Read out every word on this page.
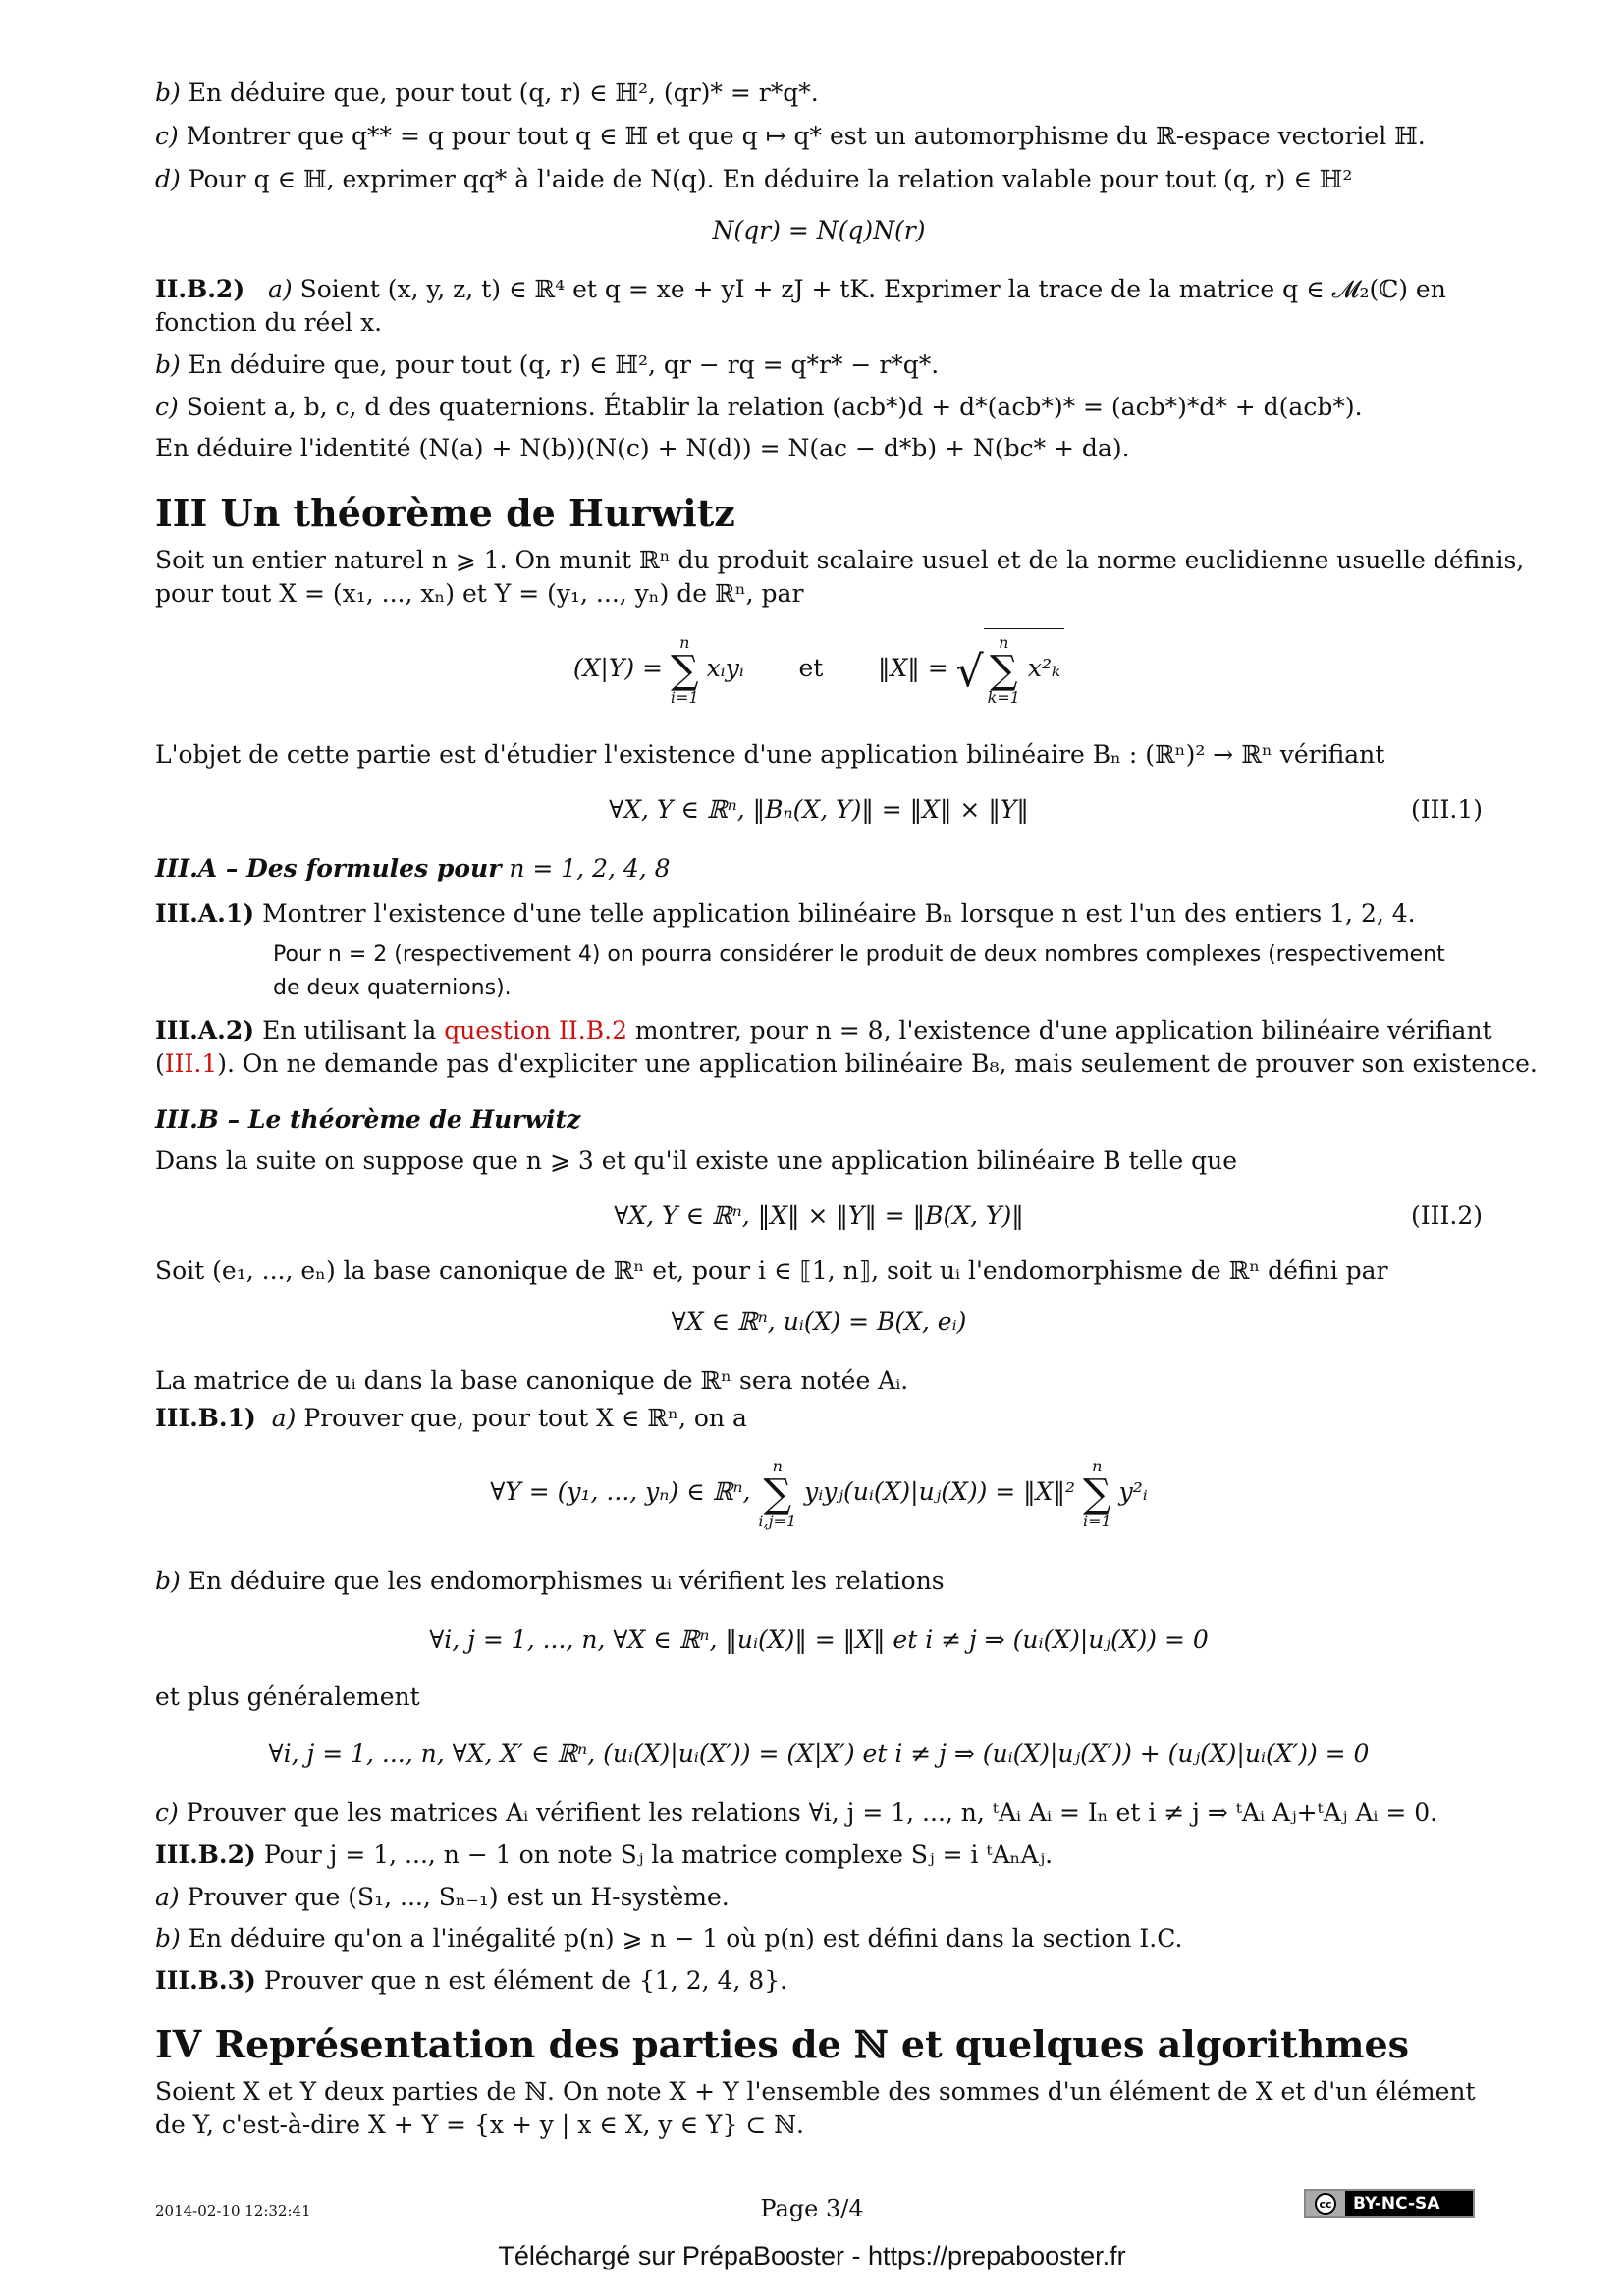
b) En déduire que, pour tout (q, r) ∈ ℍ², (qr)* = r*q*.
c) Montrer que q** = q pour tout q ∈ ℍ et que q ↦ q* est un automorphisme du ℝ-espace vectoriel ℍ.
d) Pour q ∈ ℍ, exprimer qq* à l'aide de N(q). En déduire la relation valable pour tout (q, r) ∈ ℍ²
N(qr) = N(q)N(r)
II.B.2) a) Soient (x, y, z, t) ∈ ℝ⁴ et q = xe + yI + zJ + tK. Exprimer la trace de la matrice q ∈ 𝓜₂(ℂ) en
fonction du réel x.
b) En déduire que, pour tout (q, r) ∈ ℍ², qr − rq = q*r* − r*q*.
c) Soient a, b, c, d des quaternions. Établir la relation (acb*)d + d*(acb*)* = (acb*)*d* + d(acb*).
En déduire l'identité (N(a) + N(b))(N(c) + N(d)) = N(ac − d*b) + N(bc* + da).
III Un théorème de Hurwitz
Soit un entier naturel n ⩾ 1. On munit ℝⁿ du produit scalaire usuel et de la norme euclidienne usuelle définis,
pour tout X = (x₁, ..., xₙ) et Y = (y₁, ..., yₙ) de ℝⁿ, par
(X|Y) =
n
∑
i=1
xᵢyᵢ et ‖X‖ = √
n
∑
k=1
x²ₖ
L'objet de cette partie est d'étudier l'existence d'une application bilinéaire Bₙ : (ℝⁿ)² → ℝⁿ vérifiant
∀X, Y ∈ ℝⁿ, ‖Bₙ(X, Y)‖ = ‖X‖ × ‖Y‖	(III.1)
III.A – Des formules pour n = 1, 2, 4, 8
III.A.1) Montrer l'existence d'une telle application bilinéaire Bₙ lorsque n est l'un des entiers 1, 2, 4.
Pour n = 2 (respectivement 4) on pourra considérer le produit de deux nombres complexes (respectivement
de deux quaternions).
III.A.2) En utilisant la question II.B.2 montrer, pour n = 8, l'existence d'une application bilinéaire vérifiant
(III.1). On ne demande pas d'expliciter une application bilinéaire B₈, mais seulement de prouver son existence.
III.B – Le théorème de Hurwitz
Dans la suite on suppose que n ⩾ 3 et qu'il existe une application bilinéaire B telle que
∀X, Y ∈ ℝⁿ, ‖X‖ × ‖Y‖ = ‖B(X, Y)‖	(III.2)
Soit (e₁, ..., eₙ) la base canonique de ℝⁿ et, pour i ∈ ⟦1, n⟧, soit uᵢ l'endomorphisme de ℝⁿ défini par
∀X ∈ ℝⁿ, uᵢ(X) = B(X, eᵢ)
La matrice de uᵢ dans la base canonique de ℝⁿ sera notée Aᵢ.
III.B.1) a) Prouver que, pour tout X ∈ ℝⁿ, on a
∀Y = (y₁, ..., yₙ) ∈ ℝⁿ,
n
∑
i,j=1
yᵢyⱼ(uᵢ(X)|uⱼ(X)) = ‖X‖²
n
∑
i=1
y²ᵢ
b) En déduire que les endomorphismes uᵢ vérifient les relations
∀i, j = 1, ..., n, ∀X ∈ ℝⁿ, ‖uᵢ(X)‖ = ‖X‖ et i ≠ j ⇒ (uᵢ(X)|uⱼ(X)) = 0
et plus généralement
∀i, j = 1, ..., n, ∀X, X′ ∈ ℝⁿ, (uᵢ(X)|uᵢ(X′)) = (X|X′) et i ≠ j ⇒ (uᵢ(X)|uⱼ(X′)) + (uⱼ(X)|uᵢ(X′)) = 0
c) Prouver que les matrices Aᵢ vérifient les relations ∀i, j = 1, ..., n, ᵗAᵢ Aᵢ = Iₙ et i ≠ j ⇒ ᵗAᵢ Aⱼ+ᵗAⱼ Aᵢ = 0.
III.B.2) Pour j = 1, ..., n − 1 on note Sⱼ la matrice complexe Sⱼ = i ᵗAₙAⱼ.
a) Prouver que (S₁, ..., Sₙ₋₁) est un H-système.
b) En déduire qu'on a l'inégalité p(n) ⩾ n − 1 où p(n) est défini dans la section I.C.
III.B.3) Prouver que n est élément de {1, 2, 4, 8}.
IV Représentation des parties de ℕ et quelques algorithmes
Soient X et Y deux parties de ℕ. On note X + Y l'ensemble des sommes d'un élément de X et d'un élément
de Y, c'est-à-dire X + Y = {x + y | x ∈ X, y ∈ Y} ⊂ ℕ.
2014-02-10 12:32:41	Page 3/4	cc BY-NC-SA
Téléchargé sur PrépaBooster - https://prepabooster.fr
